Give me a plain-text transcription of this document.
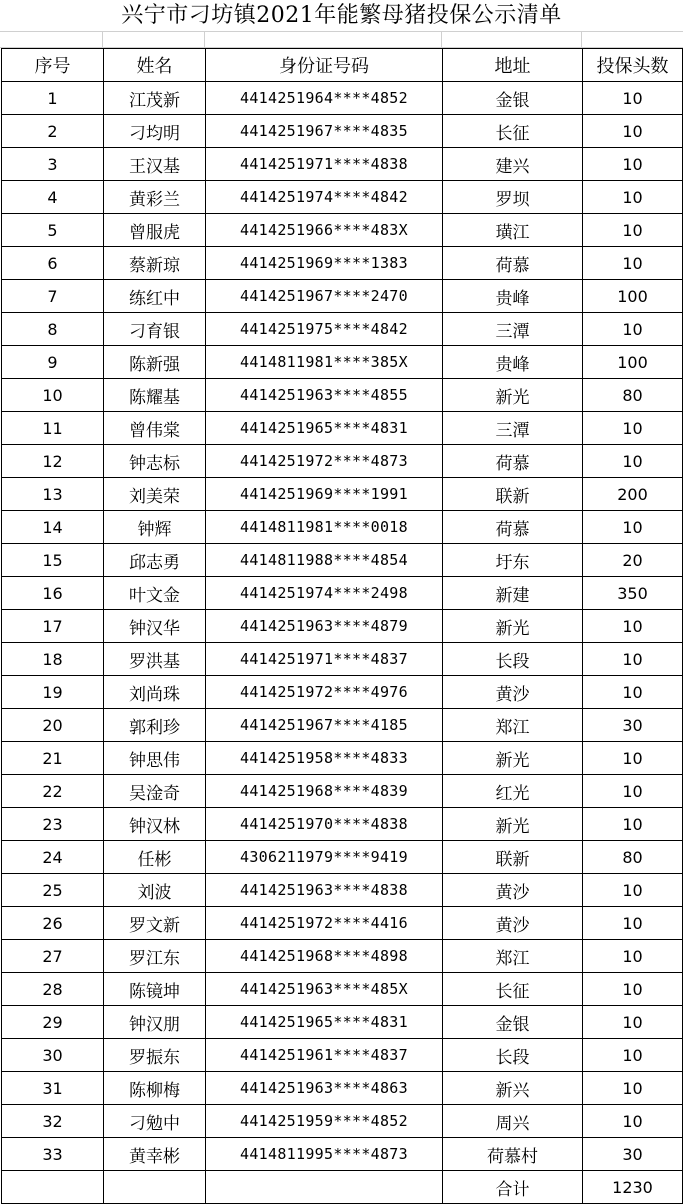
兴宁市刁坊镇2021年能繁母猪投保公示清单
序号	姓名	身份证号码	地址	投保头数
1	江茂新	4414251964****4852	金银	10
2	刁均明	4414251967****4835	长征	10
3	王汉基	4414251971****4838	建兴	10
4	黄彩兰	4414251974****4842	罗坝	10
5	曾服虎	4414251966****483X	璜江	10
6	蔡新琼	4414251969****1383	荷慕	10
7	练红中	4414251967****2470	贵峰	100
8	刁育银	4414251975****4842	三潭	10
9	陈新强	4414811981****385X	贵峰	100
10	陈耀基	4414251963****4855	新光	80
11	曾伟棠	4414251965****4831	三潭	10
12	钟志标	4414251972****4873	荷慕	10
13	刘美荣	4414251969****1991	联新	200
14	钟辉	4414811981****0018	荷慕	10
15	邱志勇	4414811988****4854	圩东	20
16	叶文金	4414251974****2498	新建	350
17	钟汉华	4414251963****4879	新光	10
18	罗洪基	4414251971****4837	长段	10
19	刘尚珠	4414251972****4976	黄沙	10
20	郭利珍	4414251967****4185	郑江	30
21	钟思伟	4414251958****4833	新光	10
22	吴淦奇	4414251968****4839	红光	10
23	钟汉林	4414251970****4838	新光	10
24	任彬	4306211979****9419	联新	80
25	刘波	4414251963****4838	黄沙	10
26	罗文新	4414251972****4416	黄沙	10
27	罗江东	4414251968****4898	郑江	10
28	陈镜坤	4414251963****485X	长征	10
29	钟汉朋	4414251965****4831	金银	10
30	罗振东	4414251961****4837	长段	10
31	陈柳梅	4414251963****4863	新兴	10
32	刁勉中	4414251959****4852	周兴	10
33	黄幸彬	4414811995****4873	荷慕村	30
			合计	1230
